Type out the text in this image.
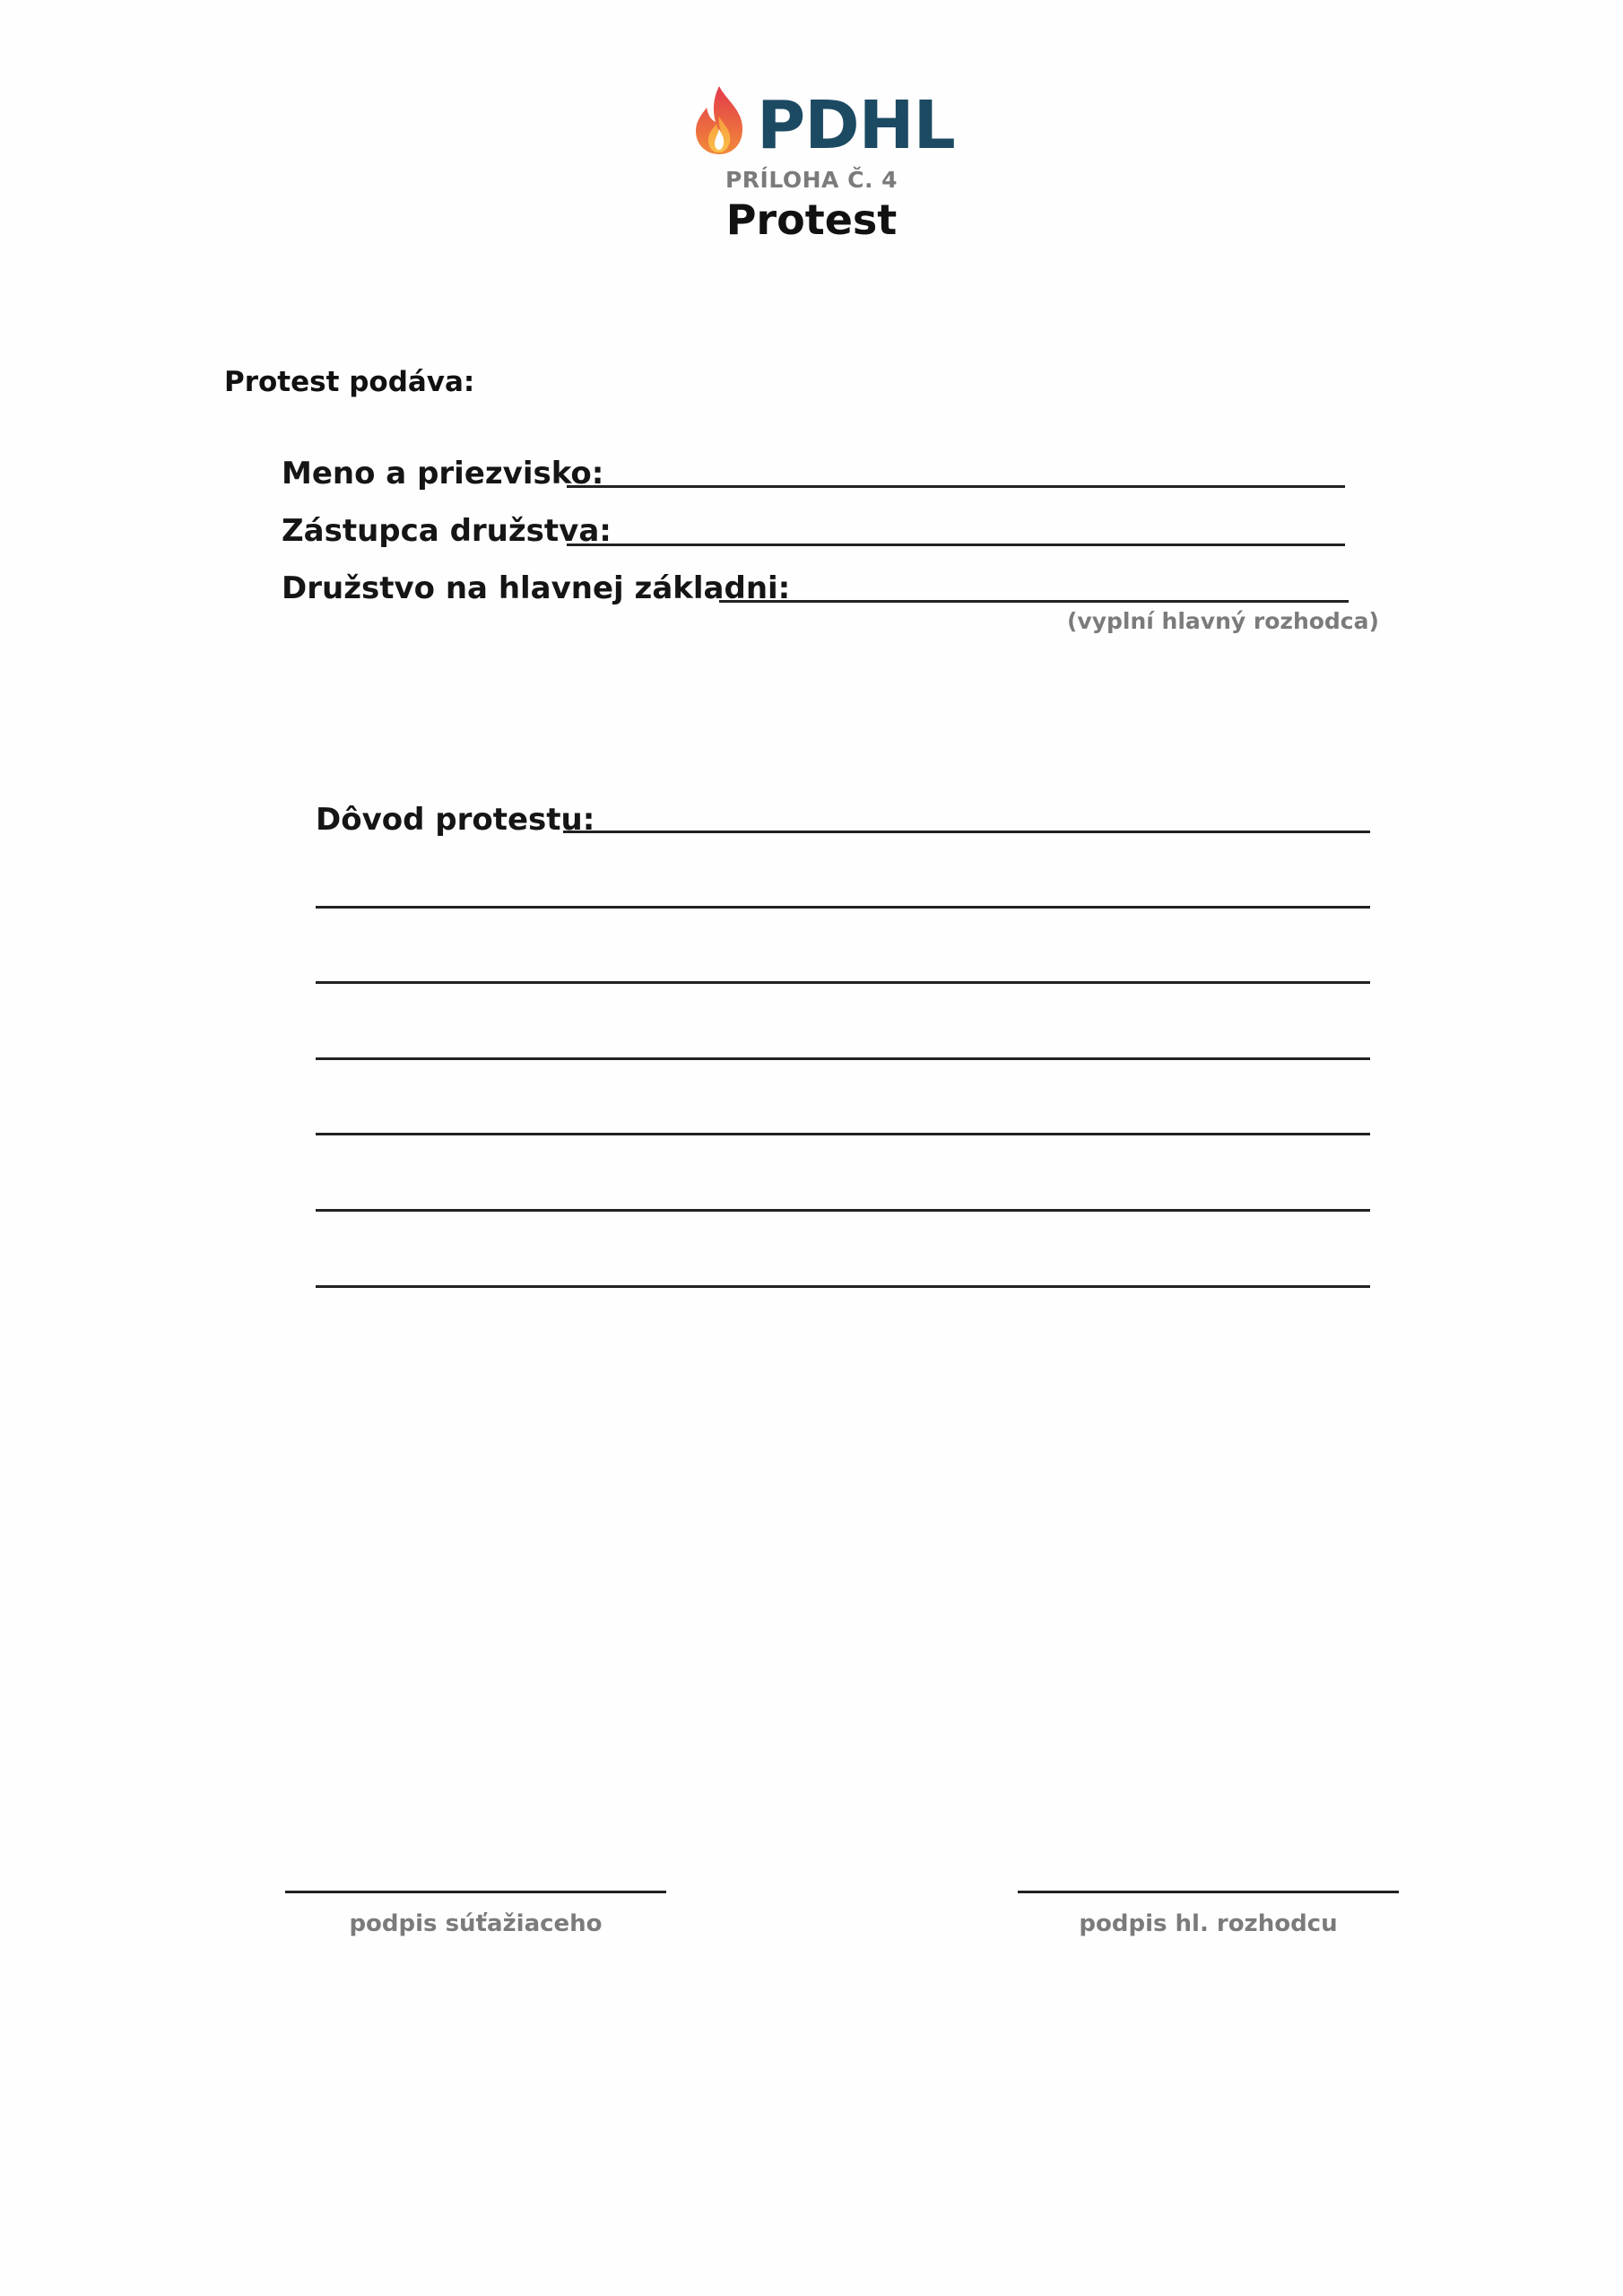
PDHL
PRÍLOHA Č. 4
Protest
Protest podáva:
Meno a priezvisko:
Zástupca družstva:
Družstvo na hlavnej základni:
(vyplní hlavný rozhodca)
Dôvod protestu:
podpis súťažiaceho	podpis hl. rozhodcu
